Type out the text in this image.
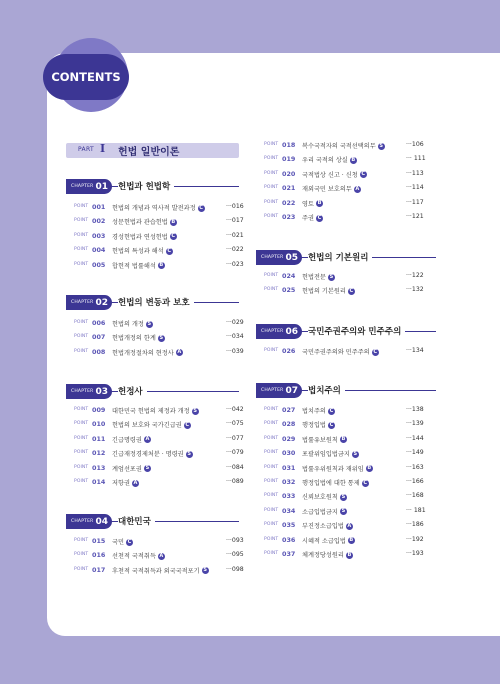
CONTENTS
PART I 헌법 일반이론
CHAPTER 01 헌법과 헌법학
POINT 001 헌법의 개념과 역사적 발전과정 C	···016
POINT 002 성문헌법과 관습헌법 B	···017
POINT 003 경성헌법과 연성헌법 C	···021
POINT 004 헌법의 특성과 해석 C	···022
POINT 005 합헌적 법률해석 B	···023
CHAPTER 02 헌법의 변동과 보호
POINT 006 헌법의 개정 S	···029
POINT 007 헌법개정의 한계 S	···034
POINT 008 헌법개정절차의 현정사 A	···039
CHAPTER 03 헌정사
POINT 009 대한민국 헌법의 제정과 개정 S	···042
POINT 010 헌법의 보호와 국가긴급권 C	···075
POINT 011 긴급명령권 A	···077
POINT 012 긴급재정경제처분 · 명령권 S	···079
POINT 013 계엄선포권 S	···084
POINT 014 저항권 A	···089
CHAPTER 04 대한민국
POINT 015 국민 C	···093
POINT 016 선천적 국적취득 A	···095
POINT 017 후천적 국적취득과 외국국적포기 S	···098
POINT 018 복수국적자의 국적선택의무 S	···106
POINT 019 우리 국적의 상실 B	··· 111
POINT 020 국적법상 신고 · 신청 C	···113
POINT 021 재외국민 보호의무 A	···114
POINT 022 영토 B	···117
POINT 023 주권 C	···121
CHAPTER 05 헌법의 기본원리
POINT 024 헌법전문 S	···122
POINT 025 헌법의 기본원리 C	···132
CHAPTER 06 국민주권주의와 민주주의
POINT 026 국민주권주의와 민주주의 C	···134
CHAPTER 07 법치주의
POINT 027 법치주의 C	···138
POINT 028 행정입법 C	···139
POINT 029 법률유보원칙 B	···144
POINT 030 포괄위임입법금지 S	···149
POINT 031 법률우위원칙과 재위임 B	···163
POINT 032 행정입법에 대한 통제 C	···166
POINT 033 신뢰보호원칙 S	···168
POINT 034 소급입법금지 S	··· 181
POINT 035 부진정소급입법 A	···186
POINT 036 시혜적 소급입법 B	···192
POINT 037 체계정당성원리 B	···193
